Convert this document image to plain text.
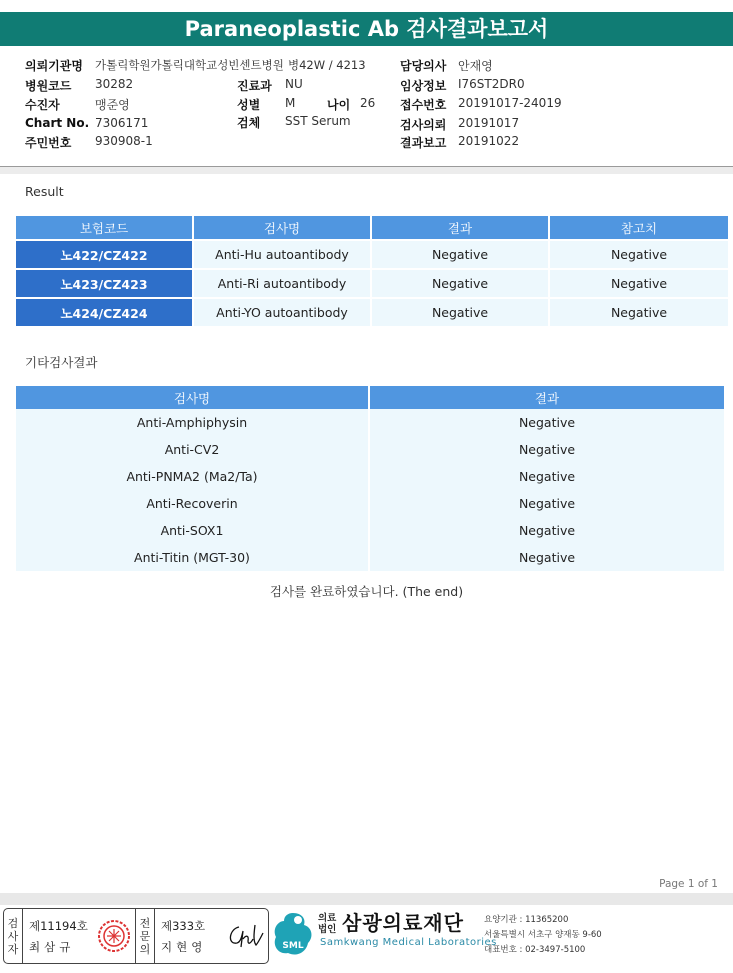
Paraneoplastic Ab 검사결과보고서
의뢰기관명 가톨릭학원가톨릭대학교성빈센트병원
병원코드 30282
수진자	맹준영
Chart No. 7306171
주민번호 930908-1
병42W / 4213
진료과 NU
성별 M	나이 26
검체 SST Serum
담당의사 안재영
임상정보 I76ST2DR0
접수번호 20191017-24019
검사의뢰 20191017
결과보고 20191022
Result
보험코드	검사명	결과	참고치
노422/CZ422	Anti-Hu autoantibody	Negative	Negative
노423/CZ423	Anti-Ri autoantibody	Negative	Negative
노424/CZ424	Anti-YO autoantibody	Negative	Negative
기타검사결과
검사명	결과
Anti-Amphiphysin	Negative
Anti-CV2	Negative
Anti-PNMA2 (Ma2/Ta)	Negative
Anti-Recoverin	Negative
Anti-SOX1	Negative
Anti-Titin (MGT-30)	Negative
검사를 완료하였습니다. (The end)
Page 1 of 1
검사자
제11194호
최삼규
전문의
제333호
지현영	SML
의료법인 삼광의료재단
Samkwang Medical Laboratories
요양기관 : 11365200
서울특별시 서초구 양재동 9-60
대표번호 : 02-3497-5100
